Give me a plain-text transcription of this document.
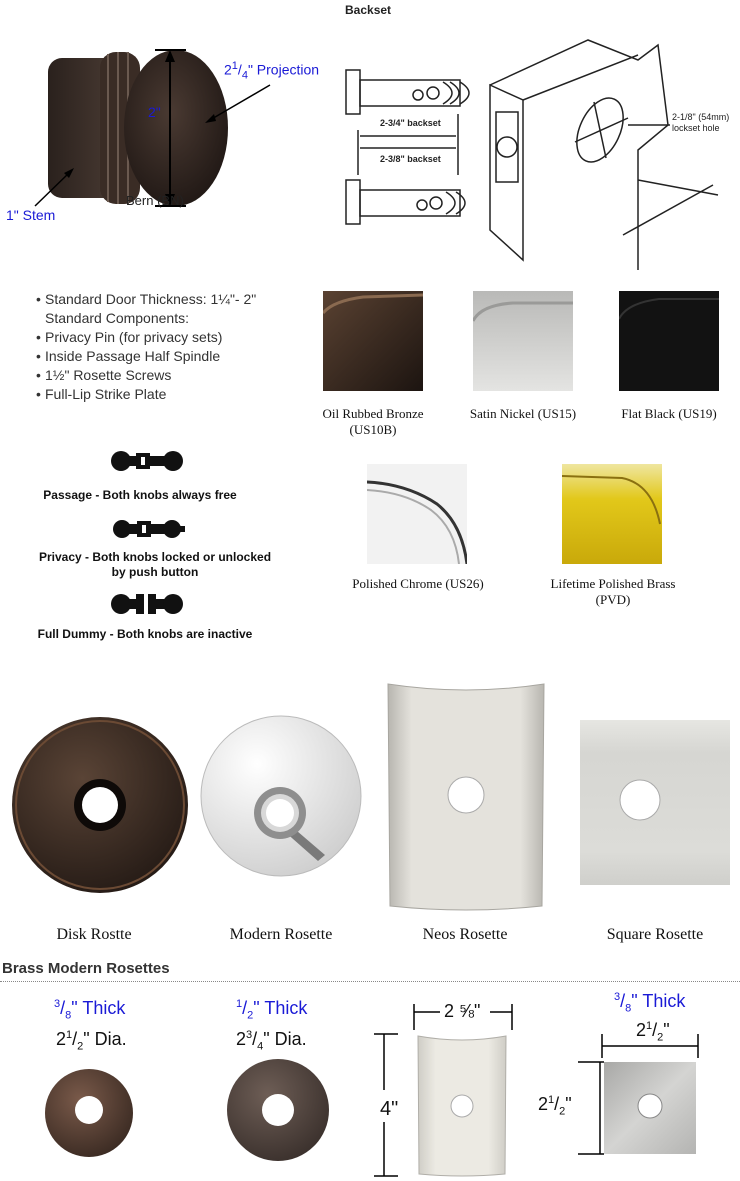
Backset
2"
$2^1/_4$" Projection
1" Stem
Bern (BN)
2-3/4" backset
2-3/8" backset
2-1/8" (54mm)
lockset hole
• Standard Door Thickness: 1¼"- 2"
Standard Components:
• Privacy Pin (for privacy sets)
• Inside Passage Half Spindle
• 1½" Rosette Screws
• Full-Lip Strike Plate
Oil Rubbed Bronze
(US10B)
Satin Nickel (US15)	Flat Black (US19)
Polished Chrome (US26)	Lifetime Polished Brass
(PVD)
Passage - Both knobs always free
Privacy - Both knobs locked or unlocked
by push button
Full Dummy - Both knobs are inactive
Disk Rostte	Modern Rosette	Neos Rosette	Square Rosette
Brass Modern Rosettes
$^3/_8$" Thick
$2^1/_2$" Dia.
$^1/_2$" Thick
$2^3/_4$" Dia.
2 ⅝"
4"
$^3/_8$" Thick
$2^1/_2$"
$2^1/_2$"
